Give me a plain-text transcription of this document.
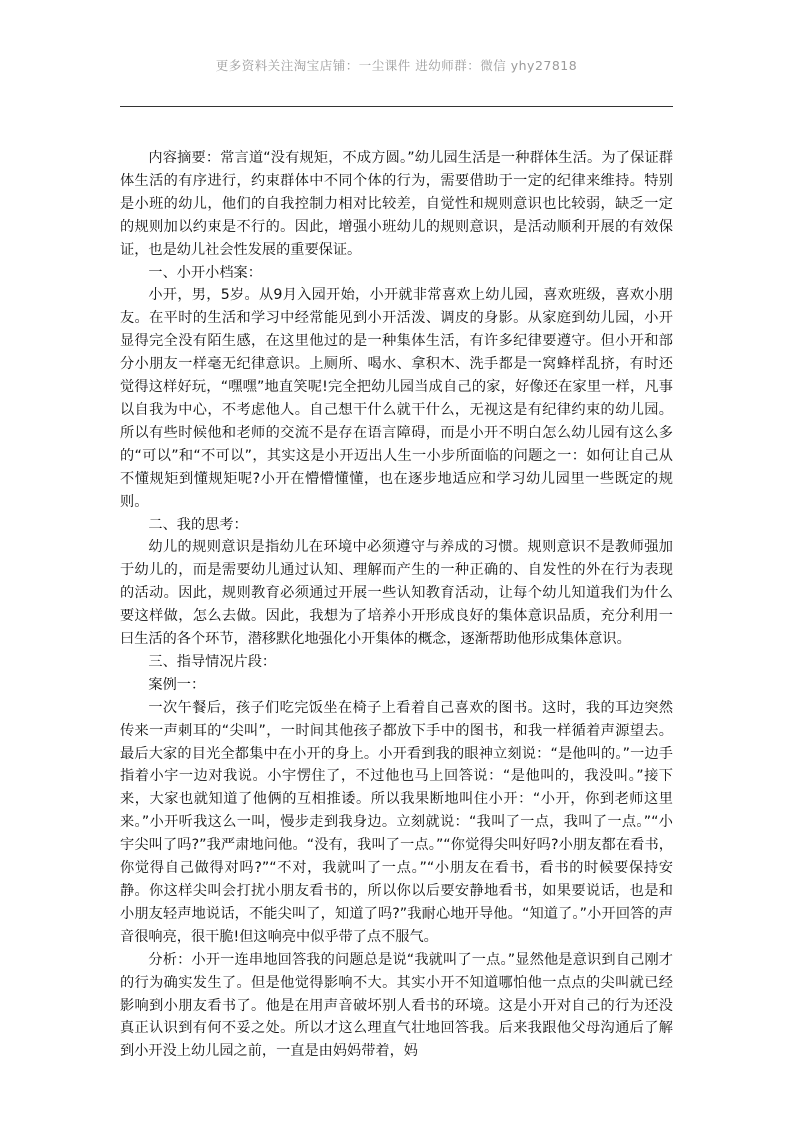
更多资料关注淘宝店铺：一尘课件 进幼师群：微信 yhy27818

内容摘要：常言道“没有规矩，不成方圆。”幼儿园生活是一种群体生活。为了保证群体生活的有序进行，约束群体中不同个体的行为，需要借助于一定的纪律来维持。特别是小班的幼儿，他们的自我控制力相对比较差，自觉性和规则意识也比较弱，缺乏一定的规则加以约束是不行的。因此，增强小班幼儿的规则意识，是活动顺利开展的有效保证，也是幼儿社会性发展的重要保证。

一、小开小档案：

小开，男，5岁。从9月入园开始，小开就非常喜欢上幼儿园，喜欢班级，喜欢小朋友。在平时的生活和学习中经常能见到小开活泼、调皮的身影。从家庭到幼儿园，小开显得完全没有陌生感，在这里他过的是一种集体生活，有许多纪律要遵守。但小开和部分小朋友一样毫无纪律意识。上厕所、喝水、拿积木、洗手都是一窝蜂样乱挤，有时还觉得这样好玩，“嘿嘿”地直笑呢!完全把幼儿园当成自己的家，好像还在家里一样，凡事以自我为中心，不考虑他人。自己想干什么就干什么，无视这是有纪律约束的幼儿园。所以有些时候他和老师的交流不是存在语言障碍，而是小开不明白怎么幼儿园有这么多的“可以”和“不可以”，其实这是小开迈出人生一小步所面临的问题之一：如何让自己从不懂规矩到懂规矩呢?小开在懵懵懂懂，也在逐步地适应和学习幼儿园里一些既定的规则。

二、我的思考：

幼儿的规则意识是指幼儿在环境中必须遵守与养成的习惯。规则意识不是教师强加于幼儿的，而是需要幼儿通过认知、理解而产生的一种正确的、自发性的外在行为表现的活动。因此，规则教育必须通过开展一些认知教育活动，让每个幼儿知道我们为什么要这样做，怎么去做。因此，我想为了培养小开形成良好的集体意识品质，充分利用一曰生活的各个环节，潜移默化地强化小开集体的概念，逐渐帮助他形成集体意识。

三、指导情况片段：

案例一：

一次午餐后，孩子们吃完饭坐在椅子上看着自己喜欢的图书。这时，我的耳边突然传来一声刺耳的“尖叫”，一时间其他孩子都放下手中的图书，和我一样循着声源望去。最后大家的目光全都集中在小开的身上。小开看到我的眼神立刻说：“是他叫的。”一边手指着小宇一边对我说。小宇愣住了，不过他也马上回答说：“是他叫的，我没叫。”接下来，大家也就知道了他俩的互相推诿。所以我果断地叫住小开：“小开，你到老师这里来。”小开听我这么一叫，慢步走到我身边。立刻就说：“我叫了一点，我叫了一点。”“小宇尖叫了吗?”我严肃地问他。“没有，我叫了一点。”“你觉得尖叫好吗?小朋友都在看书，你觉得自己做得对吗?”“不对，我就叫了一点。”“小朋友在看书，看书的时候要保持安静。你这样尖叫会打扰小朋友看书的，所以你以后要安静地看书，如果要说话，也是和小朋友轻声地说话，不能尖叫了，知道了吗?”我耐心地开导他。“知道了。”小开回答的声音很响亮，很干脆!但这响亮中似乎带了点不服气。

分析：小开一连串地回答我的问题总是说“我就叫了一点。”显然他是意识到自己刚才的行为确实发生了。但是他觉得影响不大。其实小开不知道哪怕他一点点的尖叫就已经影响到小朋友看书了。他是在用声音破坏别人看书的环境。这是小开对自己的行为还没真正认识到有何不妥之处。所以才这么理直气壮地回答我。后来我跟他父母沟通后了解到小开没上幼儿园之前，一直是由妈妈带着，妈
